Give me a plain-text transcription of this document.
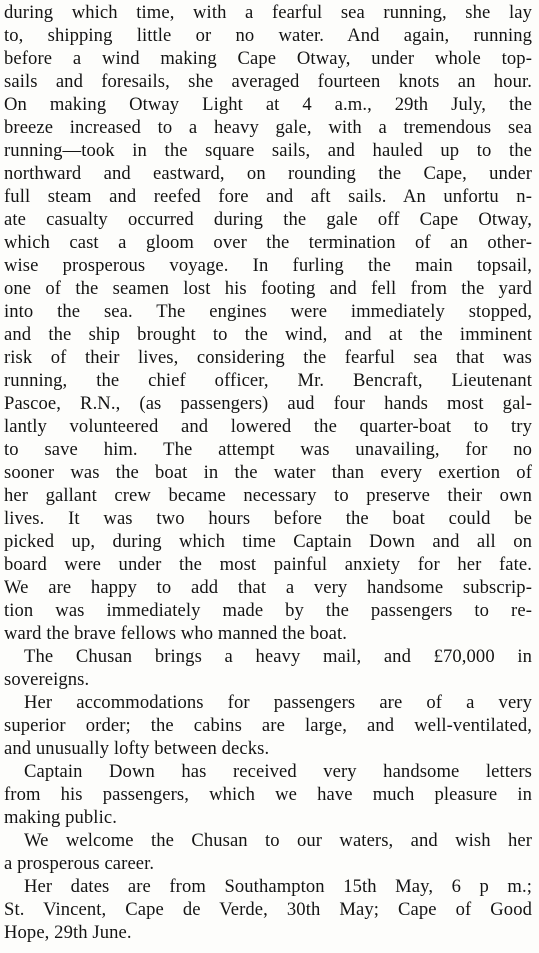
during which time, with a fearful sea running, she lay
to, shipping little or no water. And again, running
before a wind making Cape Otway, under whole top-
sails and foresails, she averaged fourteen knots an hour.
On making Otway Light at 4 a.m., 29th July, the
breeze increased to a heavy gale, with a tremendous sea
running—took in the square sails, and hauled up to the
northward and eastward, on rounding the Cape, under
full steam and reefed fore and aft sails. An unfortu n-
ate casualty occurred during the gale off Cape Otway,
which cast a gloom over the termination of an other-
wise prosperous voyage. In furling the main topsail,
one of the seamen lost his footing and fell from the yard
into the sea. The engines were immediately stopped,
and the ship brought to the wind, and at the imminent
risk of their lives, considering the fearful sea that was
running, the chief officer, Mr. Bencraft, Lieutenant
Pascoe, R.N., (as passengers) aud four hands most gal-
lantly volunteered and lowered the quarter-boat to try
to save him. The attempt was unavailing, for no
sooner was the boat in the water than every exertion of
her gallant crew became necessary to preserve their own
lives. It was two hours before the boat could be
picked up, during which time Captain Down and all on
board were under the most painful anxiety for her fate.
We are happy to add that a very handsome subscrip-
tion was immediately made by the passengers to re-
ward the brave fellows who manned the boat.
The Chusan brings a heavy mail, and £70,000 in
sovereigns.
Her accommodations for passengers are of a very
superior order; the cabins are large, and well-ventilated,
and unusually lofty between decks.
Captain Down has received very handsome letters
from his passengers, which we have much pleasure in
making public.
We welcome the Chusan to our waters, and wish her
a prosperous career.
Her dates are from Southampton 15th May, 6 p m.;
St. Vincent, Cape de Verde, 30th May; Cape of Good
Hope, 29th June.
